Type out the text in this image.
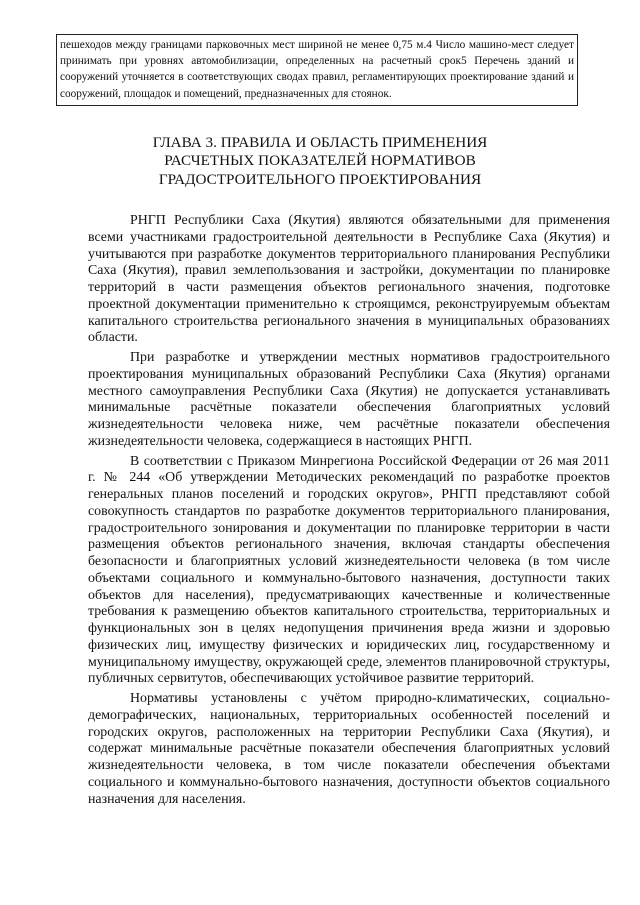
пешеходов между границами парковочных мест шириной не менее 0,75 м.4 Число машино-мест следует принимать при уровнях автомобилизации, определенных на расчетный срок5 Перечень зданий и сооружений уточняется в соответствующих сводах правил, регламентирующих проектирование зданий и сооружений, площадок и помещений, предназначенных для стоянок.
ГЛАВА 3. ПРАВИЛА И ОБЛАСТЬ ПРИМЕНЕНИЯ
РАСЧЕТНЫХ ПОКАЗАТЕЛЕЙ НОРМАТИВОВ
ГРАДОСТРОИТЕЛЬНОГО ПРОЕКТИРОВАНИЯ

РНГП Республики Саха (Якутия) являются обязательными для применения всеми участниками градостроительной деятельности в Республике Саха (Якутия) и учитываются при разработке документов территориального планирования Республики Саха (Якутия), правил землепользования и застройки, документации по планировке территорий в части размещения объектов регионального значения, подготовке проектной документации применительно к строящимся, реконструируемым объектам капитального строительства регионального значения в муниципальных образованиях области.

При разработке и утверждении местных нормативов градостроительного проектирования муниципальных образований Республики Саха (Якутия) органами местного самоуправления Республики Саха (Якутия) не допускается устанавливать минимальные расчётные показатели обеспечения благоприятных условий жизнедеятельности человека ниже, чем расчётные показатели обеспечения жизнедеятельности человека, содержащиеся в настоящих РНГП.

В соответствии с Приказом Минрегиона Российской Федерации от 26 мая 2011 г. № 244 «Об утверждении Методических рекомендаций по разработке проектов генеральных планов поселений и городских округов», РНГП представляют собой совокупность стандартов по разработке документов территориального планирования, градостроительного зонирования и документации по планировке территории в части размещения объектов регионального значения, включая стандарты обеспечения безопасности и благоприятных условий жизнедеятельности человека (в том числе объектами социального и коммунально-бытового назначения, доступности таких объектов для населения), предусматривающих качественные и количественные требования к размещению объектов капитального строительства, территориальных и функциональных зон в целях недопущения причинения вреда жизни и здоровью физических лиц, имуществу физических и юридических лиц, государственному и муниципальному имуществу, окружающей среде, элементов планировочной структуры, публичных сервитутов, обеспечивающих устойчивое развитие территорий.

Нормативы установлены с учётом природно-климатических, социально-демографических, национальных, территориальных особенностей поселений и городских округов, расположенных на территории Республики Саха (Якутия), и содержат минимальные расчётные показатели обеспечения благоприятных условий жизнедеятельности человека, в том числе показатели обеспечения объектами социального и коммунально-бытового назначения, доступности объектов социального назначения для населения.
